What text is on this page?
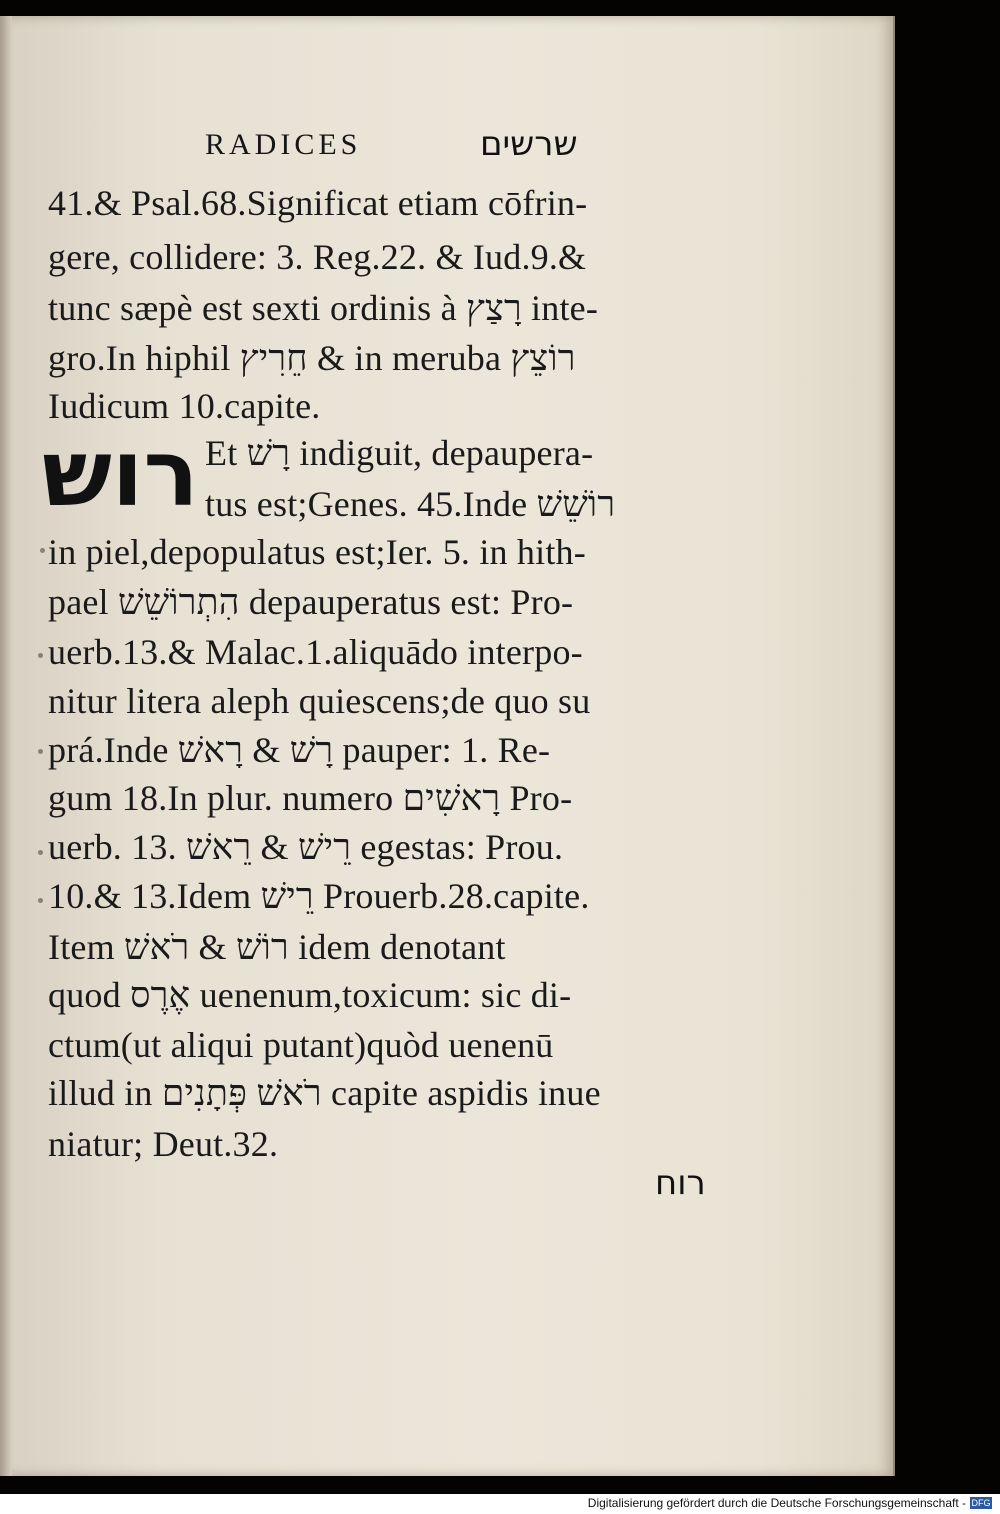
RADICES	שרשים
41.& Psal.68.Significat etiam cōfrin-
gere, collidere: 3. Reg.22. & Iud.9.&
tunc sæpè est sexti ordinis à רָצַץ inte-
gro.In hiphil חֵרִיץ & in meruba רוֹצֵץ
Iudicum 10.capite.
רוש Et רָשׁ indiguit, depaupera-
tus est;Genes. 45.Inde רוֹשֵׁשׁ
in piel,depopulatus est;Ier. 5. in hith-
pael הִתְרוֹשֵׁשׁ depauperatus est: Pro-
uerb.13.& Malac.1.aliquādo interpo-
nitur litera aleph quiescens;de quo su
prá.Inde רָשׁ & רָאשׁ pauper: 1. Re-
gum 18.In plur. numero רָאשִׁים Pro-
uerb. 13. רֵישׁ & רֵאשׁ egestas: Prou.
10.& 13.Idem רֵישׁ Prouerb.28.capite.
Item רוֹשׁ & רֹאשׁ idem denotant
quod אֶרֶס uenenum,toxicum: sic di-
ctum(ut aliqui putant)quòd uenenū
illud in רֹאשׁ פְּתָנִים capite aspidis inue
niatur; Deut.32.
רוח
Digitalisierung gefördert durch die Deutsche Forschungsgemeinschaft - DFG
